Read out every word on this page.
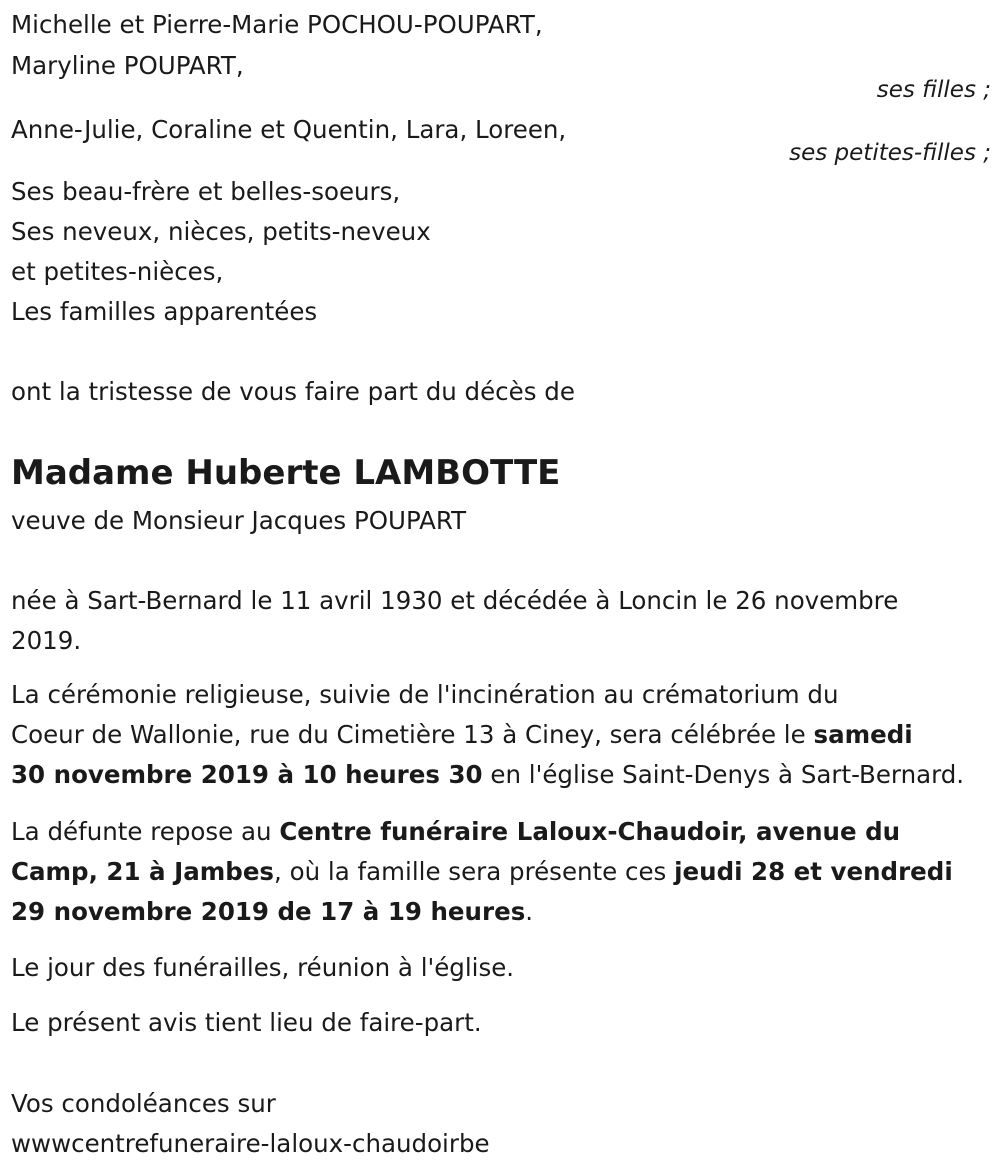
Michelle et Pierre-Marie POCHOU-POUPART,
Maryline POUPART,
ses filles ;
Anne-Julie, Coraline et Quentin, Lara, Loreen,
ses petites-filles ;
Ses beau-frère et belles-soeurs,
Ses neveux, nièces, petits-neveux
et petites-nièces,
Les familles apparentées
ont la tristesse de vous faire part du décès de
Madame Huberte LAMBOTTE
veuve de Monsieur Jacques POUPART
née à Sart-Bernard le 11 avril 1930 et décédée à Loncin le 26 novembre
2019.
La cérémonie religieuse, suivie de l'incinération au crématorium du
Coeur de Wallonie, rue du Cimetière 13 à Ciney, sera célébrée le samedi
30 novembre 2019 à 10 heures 30 en l'église Saint-Denys à Sart-Bernard.
La défunte repose au Centre funéraire Laloux-Chaudoir, avenue du
Camp, 21 à Jambes, où la famille sera présente ces jeudi 28 et vendredi
29 novembre 2019 de 17 à 19 heures.
Le jour des funérailles, réunion à l'église.
Le présent avis tient lieu de faire-part.
Vos condoléances sur
wwwcentrefuneraire-laloux-chaudoirbe
